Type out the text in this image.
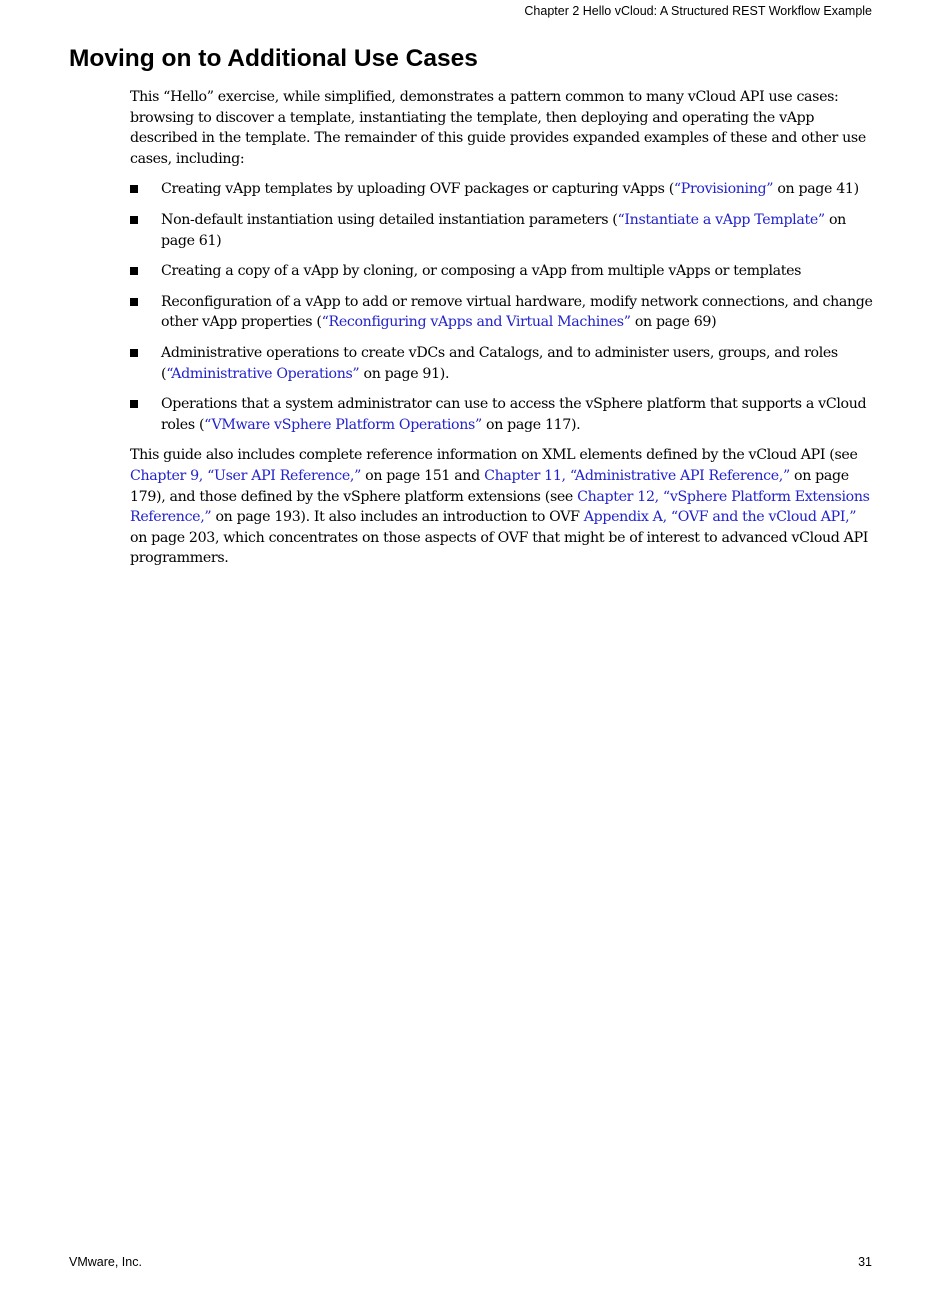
Chapter 2 Hello vCloud: A Structured REST Workflow Example
Moving on to Additional Use Cases

This “Hello” exercise, while simplified, demonstrates a pattern common to many vCloud API use cases: browsing to discover a template, instantiating the template, then deploying and operating the vApp described in the template. The remainder of this guide provides expanded examples of these and other use cases, including:

Creating vApp templates by uploading OVF packages or capturing vApps (“Provisioning” on page 41)
Non-default instantiation using detailed instantiation parameters (“Instantiate a vApp Template” on page 61)
Creating a copy of a vApp by cloning, or composing a vApp from multiple vApps or templates
Reconfiguration of a vApp to add or remove virtual hardware, modify network connections, and change other vApp properties (“Reconfiguring vApps and Virtual Machines” on page 69)
Administrative operations to create vDCs and Catalogs, and to administer users, groups, and roles (“Administrative Operations” on page 91).
Operations that a system administrator can use to access the vSphere platform that supports a vCloud roles (“VMware vSphere Platform Operations” on page 117).

This guide also includes complete reference information on XML elements defined by the vCloud API (see Chapter 9, “User API Reference,” on page 151 and Chapter 11, “Administrative API Reference,” on page 179), and those defined by the vSphere platform extensions (see Chapter 12, “vSphere Platform Extensions Reference,” on page 193). It also includes an introduction to OVF Appendix A, “OVF and the vCloud API,” on page 203, which concentrates on those aspects of OVF that might be of interest to advanced vCloud API programmers.

VMware, Inc.	31
